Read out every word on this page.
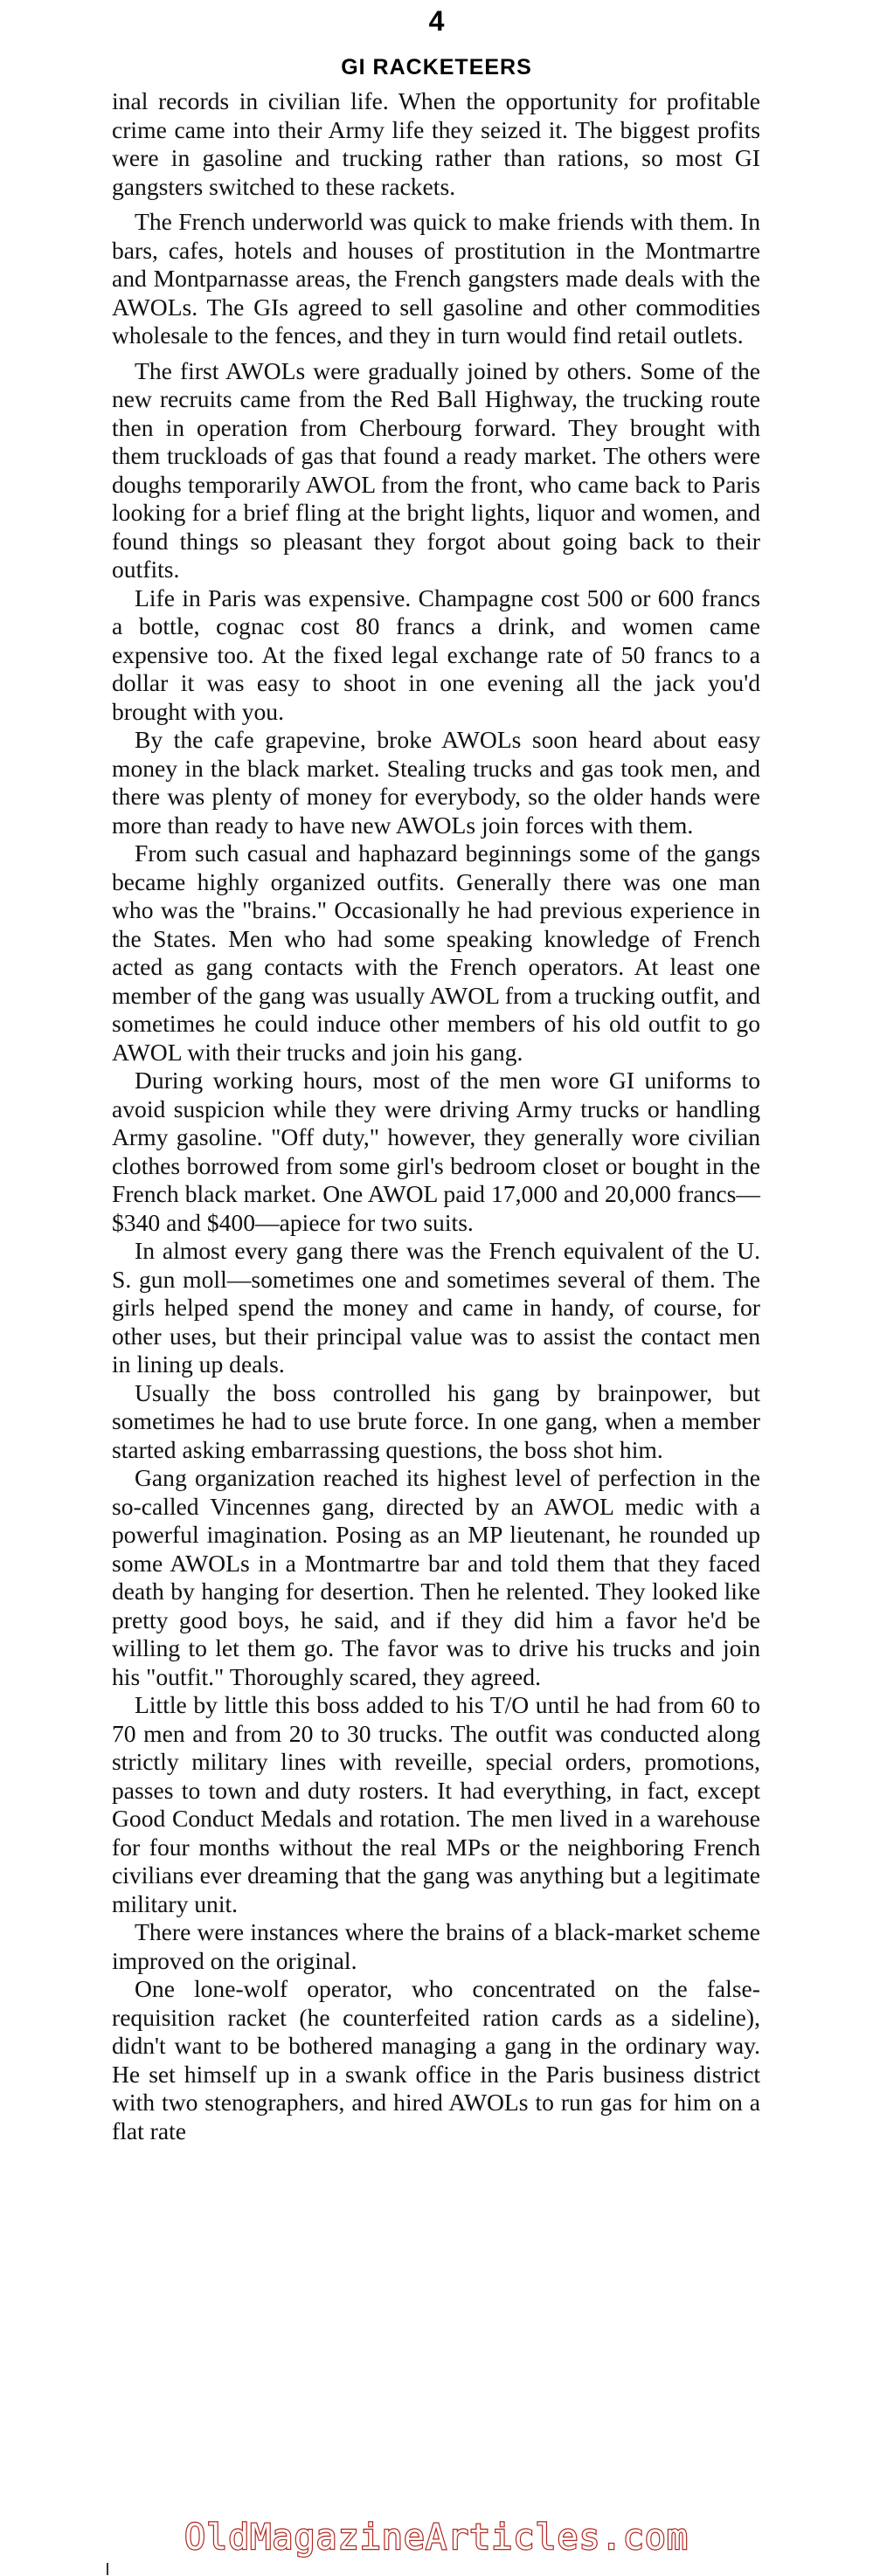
4
GI RACKETEERS

inal records in civilian life. When the opportunity for profitable crime came into their Army life they seized it. The biggest profits were in gasoline and trucking rather than rations, so most GI gangsters switched to these rackets.

The French underworld was quick to make friends with them. In bars, cafes, hotels and houses of prostitution in the Montmartre and Montparnasse areas, the French gangsters made deals with the AWOLs. The GIs agreed to sell gasoline and other commodities wholesale to the fences, and they in turn would find retail outlets.

The first AWOLs were gradually joined by others. Some of the new recruits came from the Red Ball Highway, the trucking route then in operation from Cherbourg forward. They brought with them truckloads of gas that found a ready market. The others were doughs temporarily AWOL from the front, who came back to Paris looking for a brief fling at the bright lights, liquor and women, and found things so pleasant they forgot about going back to their outfits.

Life in Paris was expensive. Champagne cost 500 or 600 francs a bottle, cognac cost 80 francs a drink, and women came expensive too. At the fixed legal exchange rate of 50 francs to a dollar it was easy to shoot in one evening all the jack you'd brought with you.

By the cafe grapevine, broke AWOLs soon heard about easy money in the black market. Stealing trucks and gas took men, and there was plenty of money for everybody, so the older hands were more than ready to have new AWOLs join forces with them.

From such casual and haphazard beginnings some of the gangs became highly organized outfits. Generally there was one man who was the "brains." Occasionally he had previous experience in the States. Men who had some speaking knowledge of French acted as gang contacts with the French operators. At least one member of the gang was usually AWOL from a trucking outfit, and sometimes he could induce other members of his old outfit to go AWOL with their trucks and join his gang.

During working hours, most of the men wore GI uniforms to avoid suspicion while they were driving Army trucks or handling Army gasoline. "Off duty," however, they generally wore civilian clothes borrowed from some girl's bedroom closet or bought in the French black market. One AWOL paid 17,000 and 20,000 francs—$340 and $400—apiece for two suits.

In almost every gang there was the French equivalent of the U. S. gun moll—sometimes one and sometimes several of them. The girls helped spend the money and came in handy, of course, for other uses, but their principal value was to assist the contact men in lining up deals.

Usually the boss controlled his gang by brainpower, but sometimes he had to use brute force. In one gang, when a member started asking embarrassing questions, the boss shot him.

Gang organization reached its highest level of perfection in the so-called Vincennes gang, directed by an AWOL medic with a powerful imagination. Posing as an MP lieutenant, he rounded up some AWOLs in a Montmartre bar and told them that they faced death by hanging for desertion. Then he relented. They looked like pretty good boys, he said, and if they did him a favor he'd be willing to let them go. The favor was to drive his trucks and join his "outfit." Thoroughly scared, they agreed.

Little by little this boss added to his T/O until he had from 60 to 70 men and from 20 to 30 trucks. The outfit was conducted along strictly military lines with reveille, special orders, promotions, passes to town and duty rosters. It had everything, in fact, except Good Conduct Medals and rotation. The men lived in a warehouse for four months without the real MPs or the neighboring French civilians ever dreaming that the gang was anything but a legitimate military unit.

There were instances where the brains of a black-market scheme improved on the original.

One lone-wolf operator, who concentrated on the false-requisition racket (he counterfeited ration cards as a sideline), didn't want to be bothered managing a gang in the ordinary way. He set himself up in a swank office in the Paris business district with two stenographers, and hired AWOLs to run gas for him on a flat rate

OldMagazineArticles.com
